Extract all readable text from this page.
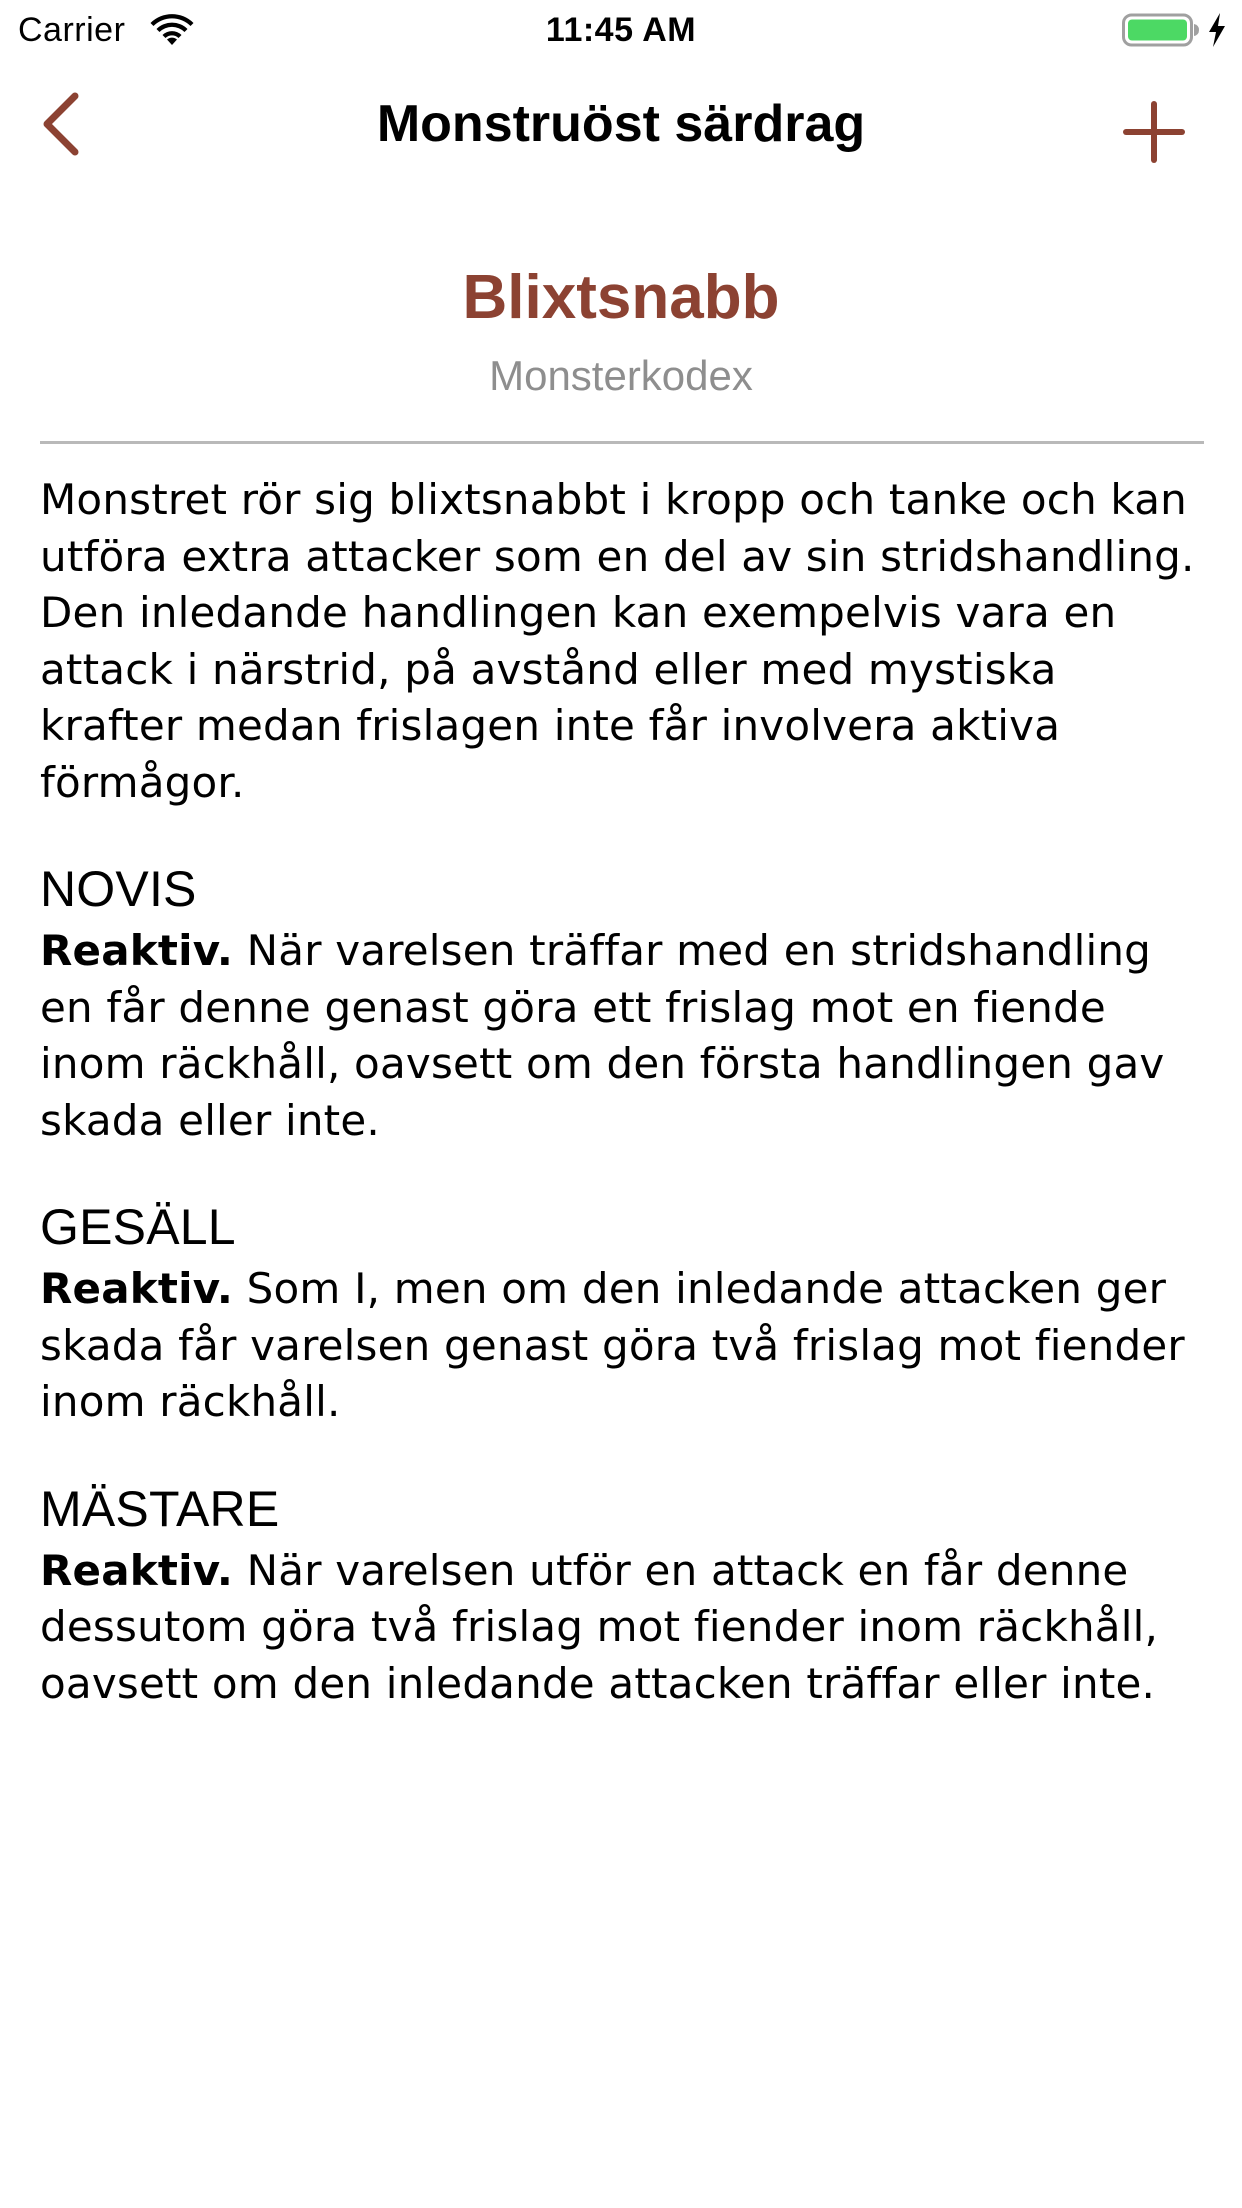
Carrier	11:45 AM
Monstruöst särdrag
Blixtsnabb
Monsterkodex

Monstret rör sig blixtsnabbt i kropp och tanke och kan utföra extra attacker som en del av sin stridshandling. Den inledande handlingen kan exempelvis vara en attack i närstrid, på avstånd eller med mystiska krafter medan frislagen inte får involvera aktiva förmågor.

NOVIS

Reaktiv. När varelsen träffar med en stridshandling en får denne genast göra ett frislag mot en fiende inom räckhåll, oavsett om den första handlingen gav skada eller inte.

GESÄLL

Reaktiv. Som I, men om den inledande attacken ger skada får varelsen genast göra två frislag mot fiender inom räckhåll.

MÄSTARE

Reaktiv. När varelsen utför en attack en får denne dessutom göra två frislag mot fiender inom räckhåll, oavsett om den inledande attacken träffar eller inte.
